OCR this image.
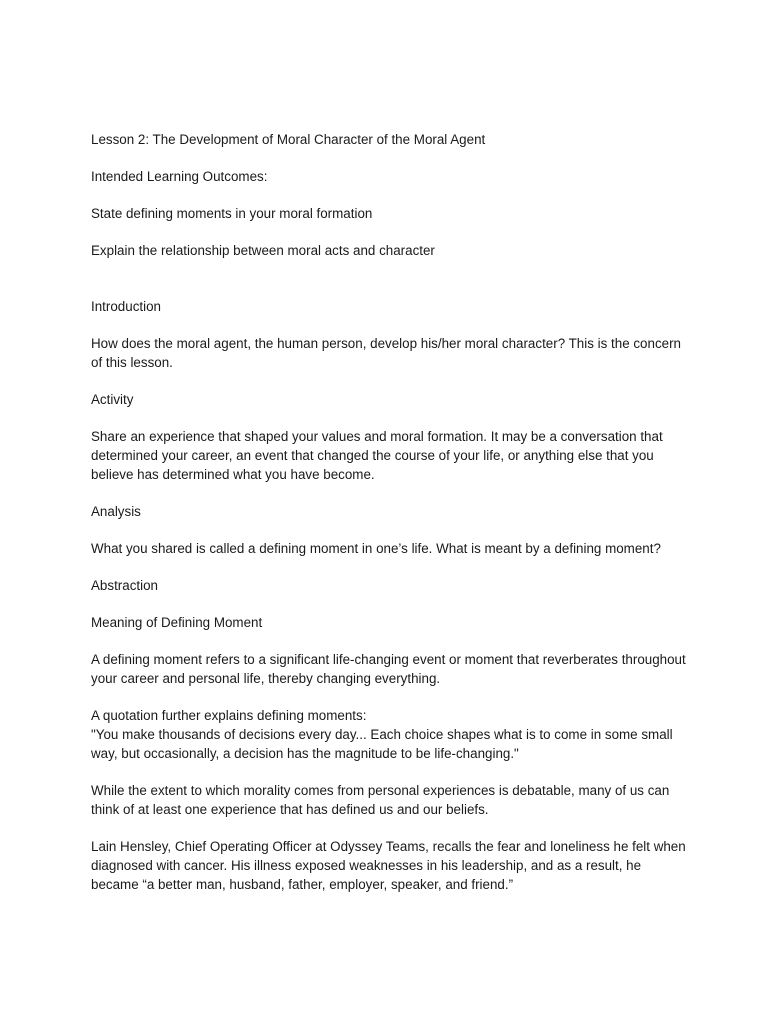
Lesson 2: The Development of Moral Character of the Moral Agent

Intended Learning Outcomes:

State defining moments in your moral formation

Explain the relationship between moral acts and character

Introduction

How does the moral agent, the human person, develop his/her moral character? This is the concern of this lesson.

Activity

Share an experience that shaped your values and moral formation. It may be a conversation that determined your career, an event that changed the course of your life, or anything else that you believe has determined what you have become.

Analysis

What you shared is called a defining moment in one’s life. What is meant by a defining moment?

Abstraction

Meaning of Defining Moment

A defining moment refers to a significant life-changing event or moment that reverberates throughout your career and personal life, thereby changing everything.

A quotation further explains defining moments:

"You make thousands of decisions every day... Each choice shapes what is to come in some small way, but occasionally, a decision has the magnitude to be life-changing."

While the extent to which morality comes from personal experiences is debatable, many of us can think of at least one experience that has defined us and our beliefs.

Lain Hensley, Chief Operating Officer at Odyssey Teams, recalls the fear and loneliness he felt when diagnosed with cancer. His illness exposed weaknesses in his leadership, and as a result, he became “a better man, husband, father, employer, speaker, and friend.”
